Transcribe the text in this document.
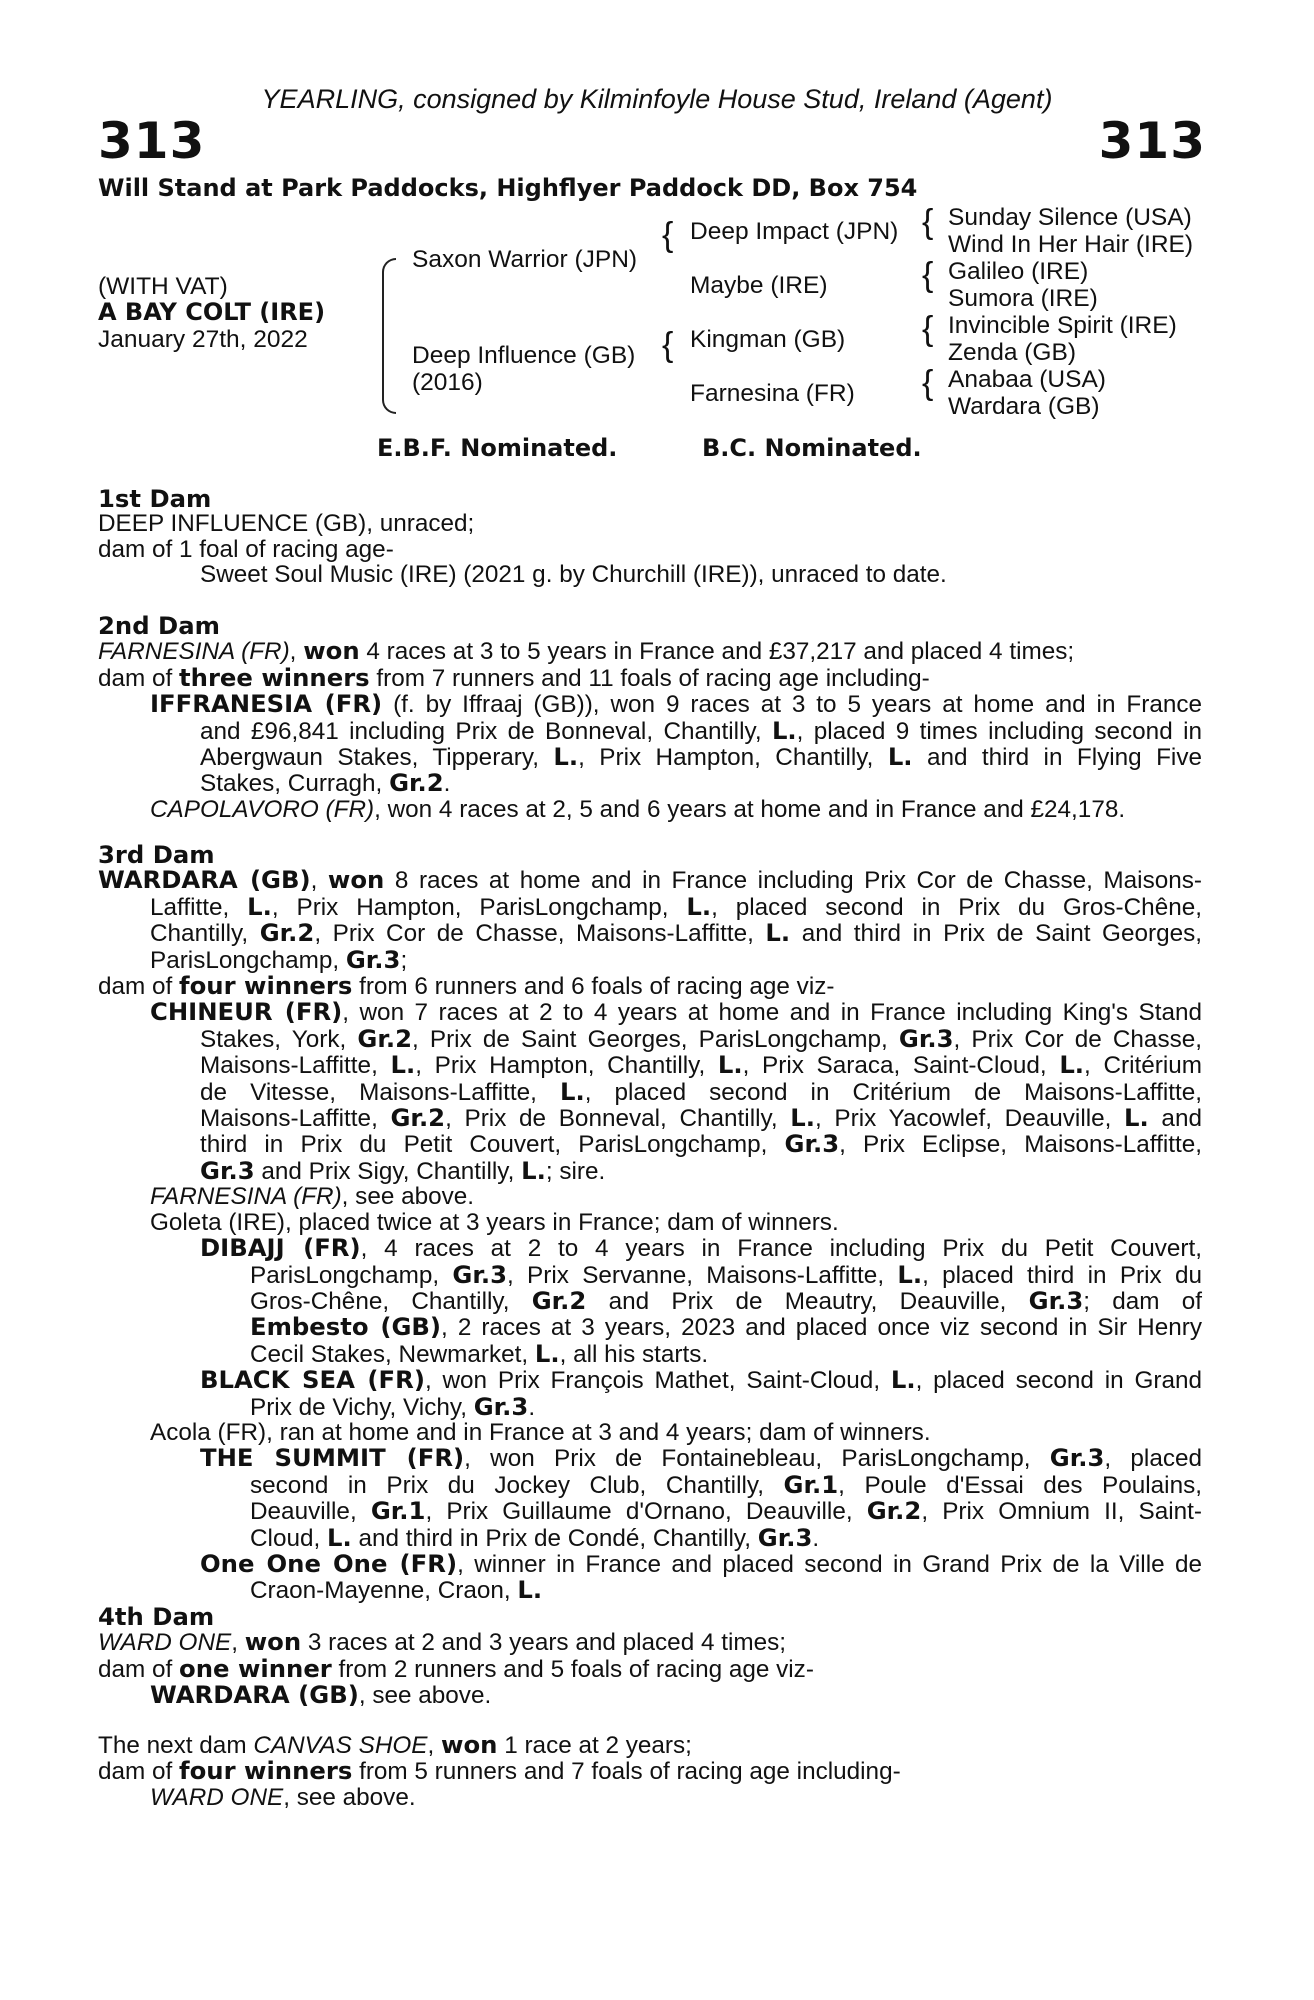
YEARLING, consigned by Kilminfoyle House Stud, Ireland (Agent)
313	313
Will Stand at Park Paddocks, Highflyer Paddock DD, Box 754
(WITH VAT)
A BAY COLT (IRE)
January 27th, 2022
{
{
{
{
{
{
Saxon Warrior (JPN)
Deep Influence (GB)
(2016)
Deep Impact (JPN)
Maybe (IRE)
Kingman (GB)
Farnesina (FR)
Sunday Silence (USA)
Wind In Her Hair (IRE)
Galileo (IRE)
Sumora (IRE)
Invincible Spirit (IRE)
Zenda (GB)
Anabaa (USA)
Wardara (GB)
E.B.F. Nominated.	B.C. Nominated.
1st Dam
DEEP INFLUENCE (GB), unraced;
dam of 1 foal of racing age-
Sweet Soul Music (IRE) (2021 g. by Churchill (IRE)), unraced to date.
2nd Dam
FARNESINA (FR), won 4 races at 3 to 5 years in France and £37,217 and placed 4 times;
dam of three winners from 7 runners and 11 foals of racing age including-
IFFRANESIA (FR) (f. by Iffraaj (GB)), won 9 races at 3 to 5 years at home and in France
and £96,841 including Prix de Bonneval, Chantilly, L., placed 9 times including second in
Abergwaun Stakes, Tipperary, L., Prix Hampton, Chantilly, L. and third in Flying Five
Stakes, Curragh, Gr.2.
CAPOLAVORO (FR), won 4 races at 2, 5 and 6 years at home and in France and £24,178.
3rd Dam
WARDARA (GB), won 8 races at home and in France including Prix Cor de Chasse, Maisons-
Laffitte, L., Prix Hampton, ParisLongchamp, L., placed second in Prix du Gros-Chêne,
Chantilly, Gr.2, Prix Cor de Chasse, Maisons-Laffitte, L. and third in Prix de Saint Georges,
ParisLongchamp, Gr.3;
dam of four winners from 6 runners and 6 foals of racing age viz-
CHINEUR (FR), won 7 races at 2 to 4 years at home and in France including King's Stand
Stakes, York, Gr.2, Prix de Saint Georges, ParisLongchamp, Gr.3, Prix Cor de Chasse,
Maisons-Laffitte, L., Prix Hampton, Chantilly, L., Prix Saraca, Saint-Cloud, L., Critérium
de Vitesse, Maisons-Laffitte, L., placed second in Critérium de Maisons-Laffitte,
Maisons-Laffitte, Gr.2, Prix de Bonneval, Chantilly, L., Prix Yacowlef, Deauville, L. and
third in Prix du Petit Couvert, ParisLongchamp, Gr.3, Prix Eclipse, Maisons-Laffitte,
Gr.3 and Prix Sigy, Chantilly, L.; sire.
FARNESINA (FR), see above.
Goleta (IRE), placed twice at 3 years in France; dam of winners.
DIBAJJ (FR), 4 races at 2 to 4 years in France including Prix du Petit Couvert,
ParisLongchamp, Gr.3, Prix Servanne, Maisons-Laffitte, L., placed third in Prix du
Gros-Chêne, Chantilly, Gr.2 and Prix de Meautry, Deauville, Gr.3; dam of
Embesto (GB), 2 races at 3 years, 2023 and placed once viz second in Sir Henry
Cecil Stakes, Newmarket, L., all his starts.
BLACK SEA (FR), won Prix François Mathet, Saint-Cloud, L., placed second in Grand
Prix de Vichy, Vichy, Gr.3.
Acola (FR), ran at home and in France at 3 and 4 years; dam of winners.
THE SUMMIT (FR), won Prix de Fontainebleau, ParisLongchamp, Gr.3, placed
second in Prix du Jockey Club, Chantilly, Gr.1, Poule d'Essai des Poulains,
Deauville, Gr.1, Prix Guillaume d'Ornano, Deauville, Gr.2, Prix Omnium II, Saint-
Cloud, L. and third in Prix de Condé, Chantilly, Gr.3.
One One One (FR), winner in France and placed second in Grand Prix de la Ville de
Craon-Mayenne, Craon, L.
4th Dam
WARD ONE, won 3 races at 2 and 3 years and placed 4 times;
dam of one winner from 2 runners and 5 foals of racing age viz-
WARDARA (GB), see above.
The next dam CANVAS SHOE, won 1 race at 2 years;
dam of four winners from 5 runners and 7 foals of racing age including-
WARD ONE, see above.
